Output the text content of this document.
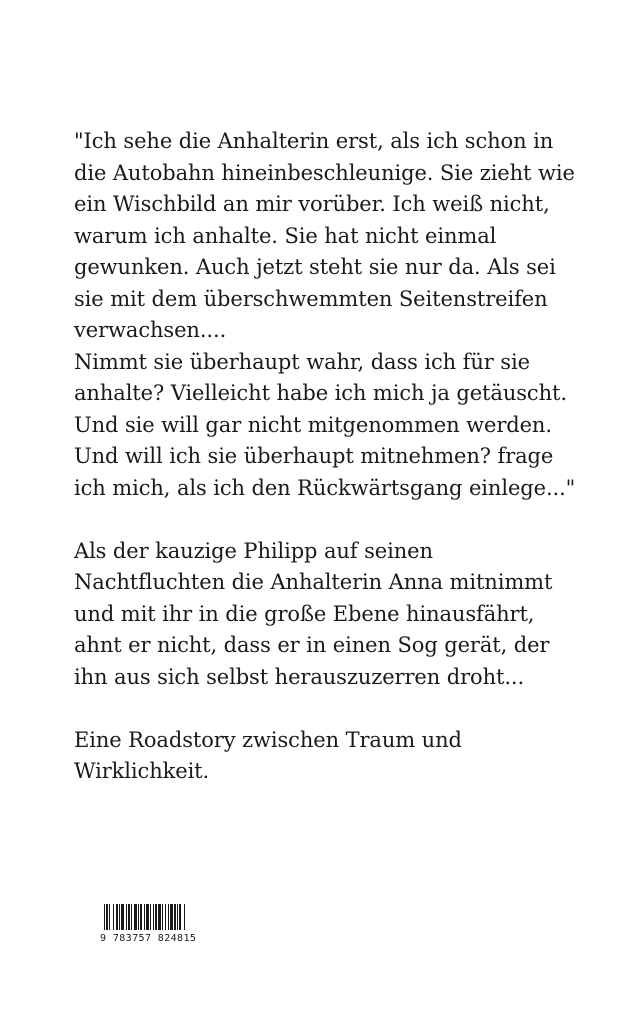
"Ich sehe die Anhalterin erst, als ich schon in
die Autobahn hineinbeschleunige. Sie zieht wie
ein Wischbild an mir vorüber. Ich weiß nicht,
warum ich anhalte. Sie hat nicht einmal
gewunken. Auch jetzt steht sie nur da. Als sei
sie mit dem überschwemmten Seitenstreifen
verwachsen....
Nimmt sie überhaupt wahr, dass ich für sie
anhalte? Vielleicht habe ich mich ja getäuscht.
Und sie will gar nicht mitgenommen werden.
Und will ich sie überhaupt mitnehmen? frage
ich mich, als ich den Rückwärtsgang einlege..."
Als der kauzige Philipp auf seinen
Nachtfluchten die Anhalterin Anna mitnimmt
und mit ihr in die große Ebene hinausfährt,
ahnt er nicht, dass er in einen Sog gerät, der
ihn aus sich selbst herauszuzerren droht...
Eine Roadstory zwischen Traum und
Wirklichkeit.
9 783757 824815
